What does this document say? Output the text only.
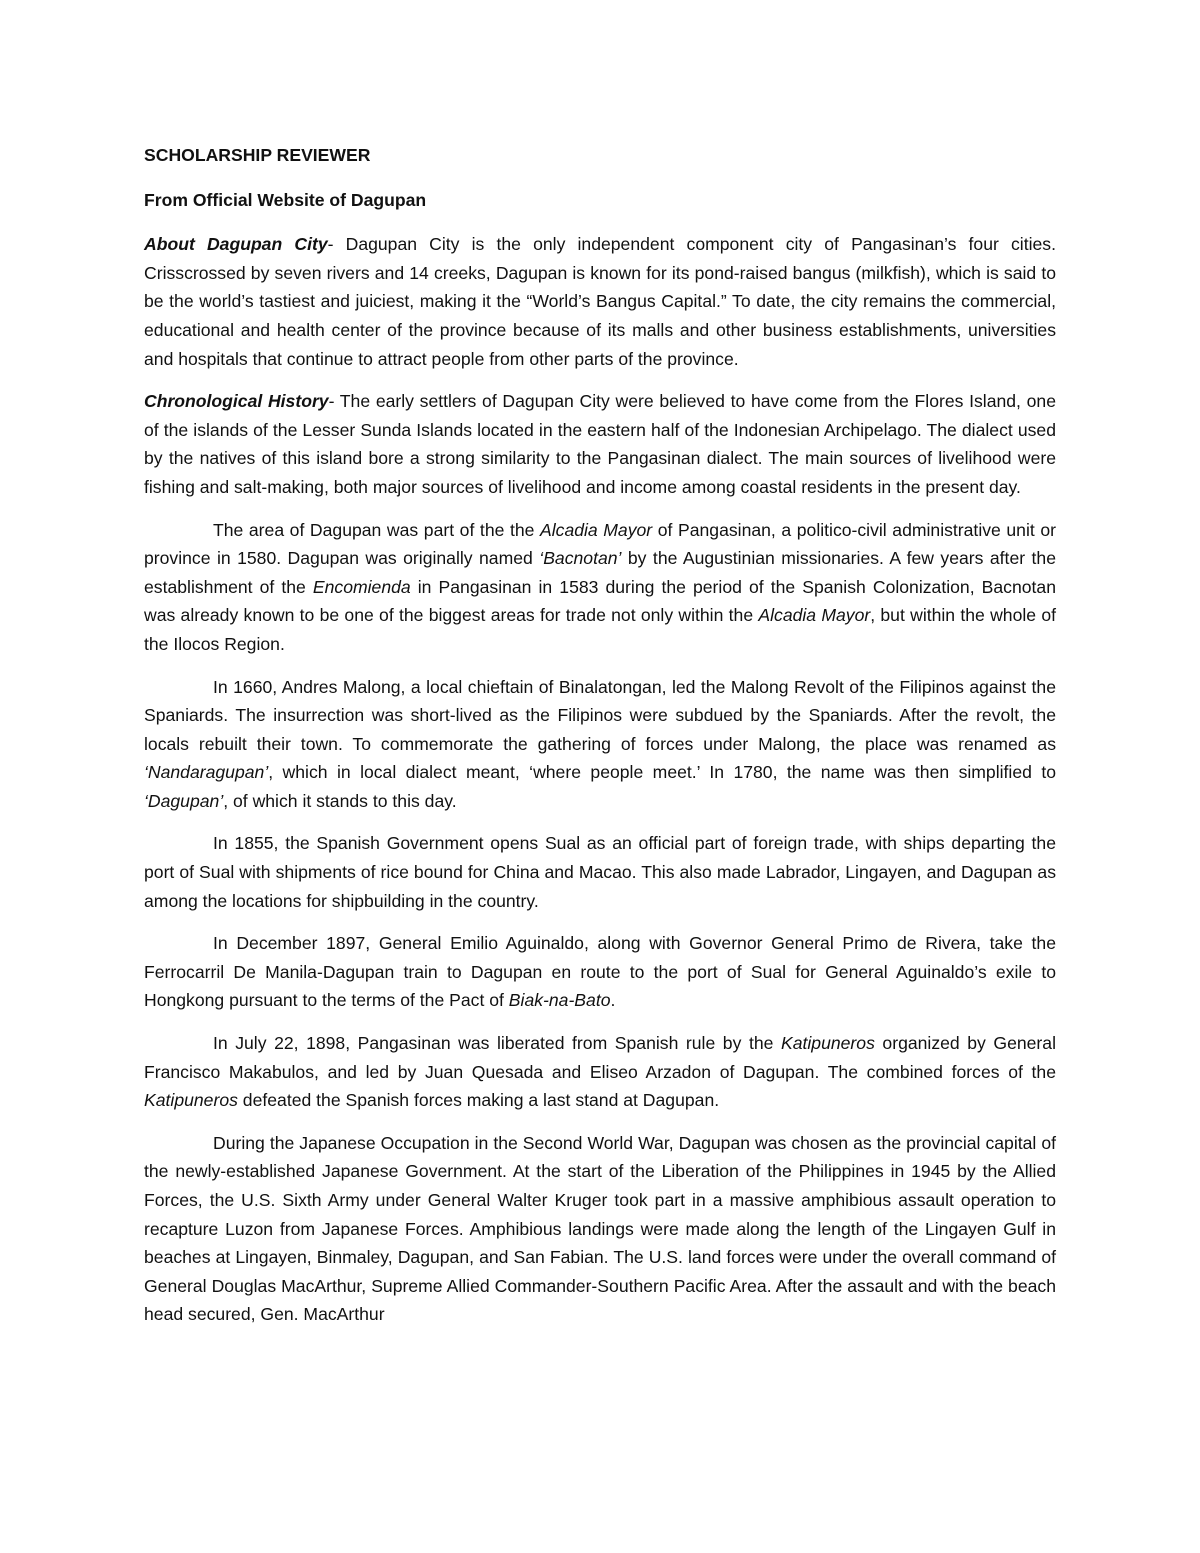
SCHOLARSHIP REVIEWER
From Official Website of Dagupan

About Dagupan City- Dagupan City is the only independent component city of Pangasinan’s four cities. Crisscrossed by seven rivers and 14 creeks, Dagupan is known for its pond-raised bangus (milkfish), which is said to be the world’s tastiest and juiciest, making it the “World’s Bangus Capital.” To date, the city remains the commercial, educational and health center of the province because of its malls and other business establishments, universities and hospitals that continue to attract people from other parts of the province.

Chronological History- The early settlers of Dagupan City were believed to have come from the Flores Island, one of the islands of the Lesser Sunda Islands located in the eastern half of the Indonesian Archipelago. The dialect used by the natives of this island bore a strong similarity to the Pangasinan dialect. The main sources of livelihood were fishing and salt-making, both major sources of livelihood and income among coastal residents in the present day.

The area of Dagupan was part of the the Alcadia Mayor of Pangasinan, a politico-civil administrative unit or province in 1580. Dagupan was originally named ‘Bacnotan’ by the Augustinian missionaries. A few years after the establishment of the Encomienda in Pangasinan in 1583 during the period of the Spanish Colonization, Bacnotan was already known to be one of the biggest areas for trade not only within the Alcadia Mayor, but within the whole of the Ilocos Region.

In 1660, Andres Malong, a local chieftain of Binalatongan, led the Malong Revolt of the Filipinos against the Spaniards. The insurrection was short-lived as the Filipinos were subdued by the Spaniards. After the revolt, the locals rebuilt their town. To commemorate the gathering of forces under Malong, the place was renamed as ‘Nandaragupan’, which in local dialect meant, ‘where people meet.’ In 1780, the name was then simplified to ‘Dagupan’, of which it stands to this day.

In 1855, the Spanish Government opens Sual as an official part of foreign trade, with ships departing the port of Sual with shipments of rice bound for China and Macao. This also made Labrador, Lingayen, and Dagupan as among the locations for shipbuilding in the country.

In December 1897, General Emilio Aguinaldo, along with Governor General Primo de Rivera, take the Ferrocarril De Manila-Dagupan train to Dagupan en route to the port of Sual for General Aguinaldo’s exile to Hongkong pursuant to the terms of the Pact of Biak-na-Bato.

In July 22, 1898, Pangasinan was liberated from Spanish rule by the Katipuneros organized by General Francisco Makabulos, and led by Juan Quesada and Eliseo Arzadon of Dagupan. The combined forces of the Katipuneros defeated the Spanish forces making a last stand at Dagupan.

During the Japanese Occupation in the Second World War, Dagupan was chosen as the provincial capital of the newly-established Japanese Government. At the start of the Liberation of the Philippines in 1945 by the Allied Forces, the U.S. Sixth Army under General Walter Kruger took part in a massive amphibious assault operation to recapture Luzon from Japanese Forces. Amphibious landings were made along the length of the Lingayen Gulf in beaches at Lingayen, Binmaley, Dagupan, and San Fabian. The U.S. land forces were under the overall command of General Douglas MacArthur, Supreme Allied Commander-Southern Pacific Area. After the assault and with the beach head secured, Gen. MacArthur
